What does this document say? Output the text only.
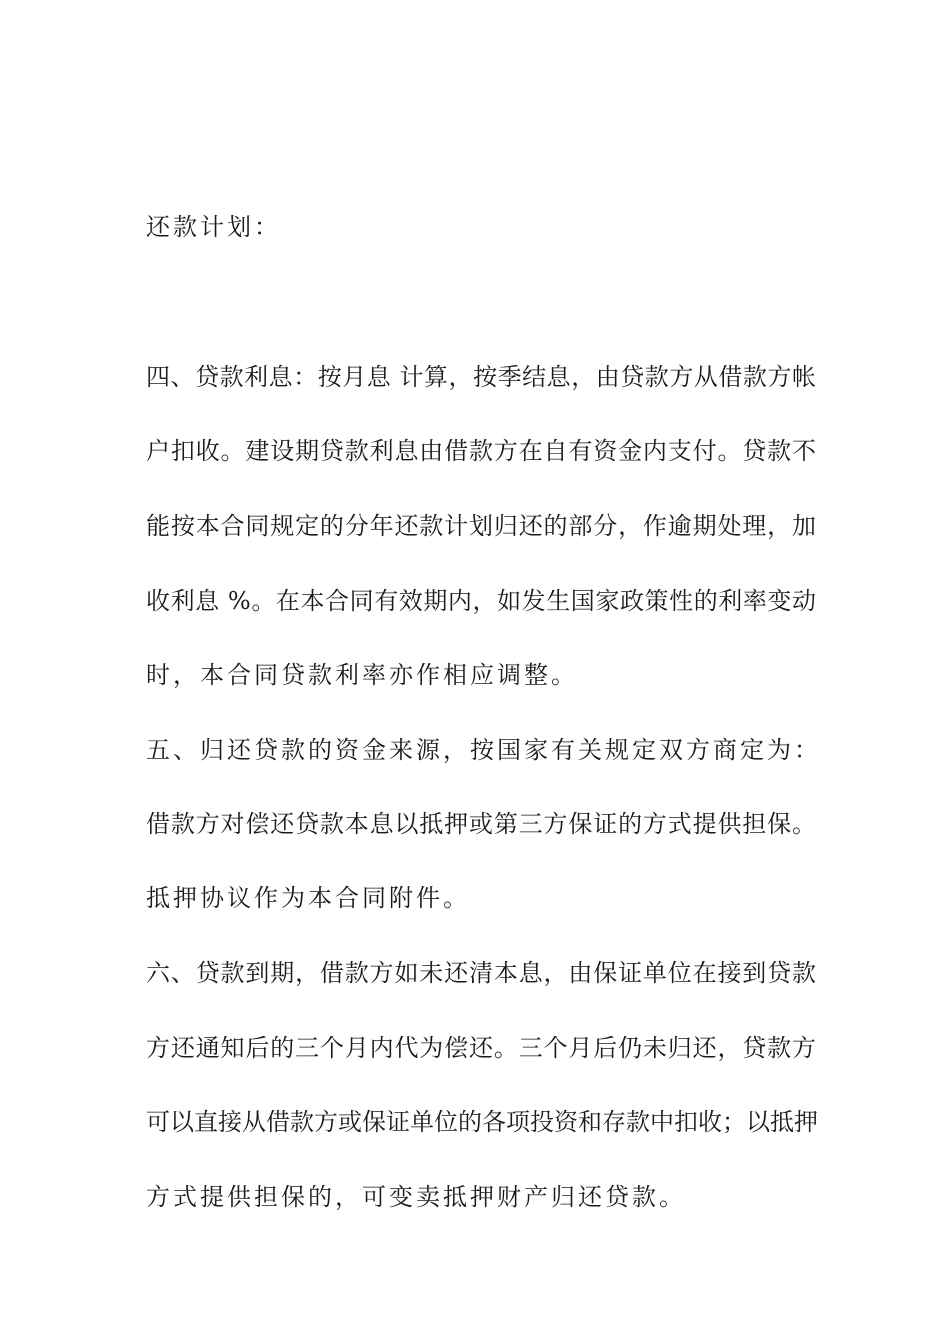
还款计划：
四、贷款利息：按月息 计算，按季结息，由贷款方从借款方帐
户扣收。建设期贷款利息由借款方在自有资金内支付。贷款不
能按本合同规定的分年还款计划归还的部分，作逾期处理，加
收利息 %。在本合同有效期内，如发生国家政策性的利率变动
时，本合同贷款利率亦作相应调整。
五、归还贷款的资金来源，按国家有关规定双方商定为：
借款方对偿还贷款本息以抵押或第三方保证的方式提供担保。
抵押协议作为本合同附件。
六、贷款到期，借款方如未还清本息，由保证单位在接到贷款
方还通知后的三个月内代为偿还。三个月后仍未归还，贷款方
可以直接从借款方或保证单位的各项投资和存款中扣收；以抵押
方式提供担保的，可变卖抵押财产归还贷款。
